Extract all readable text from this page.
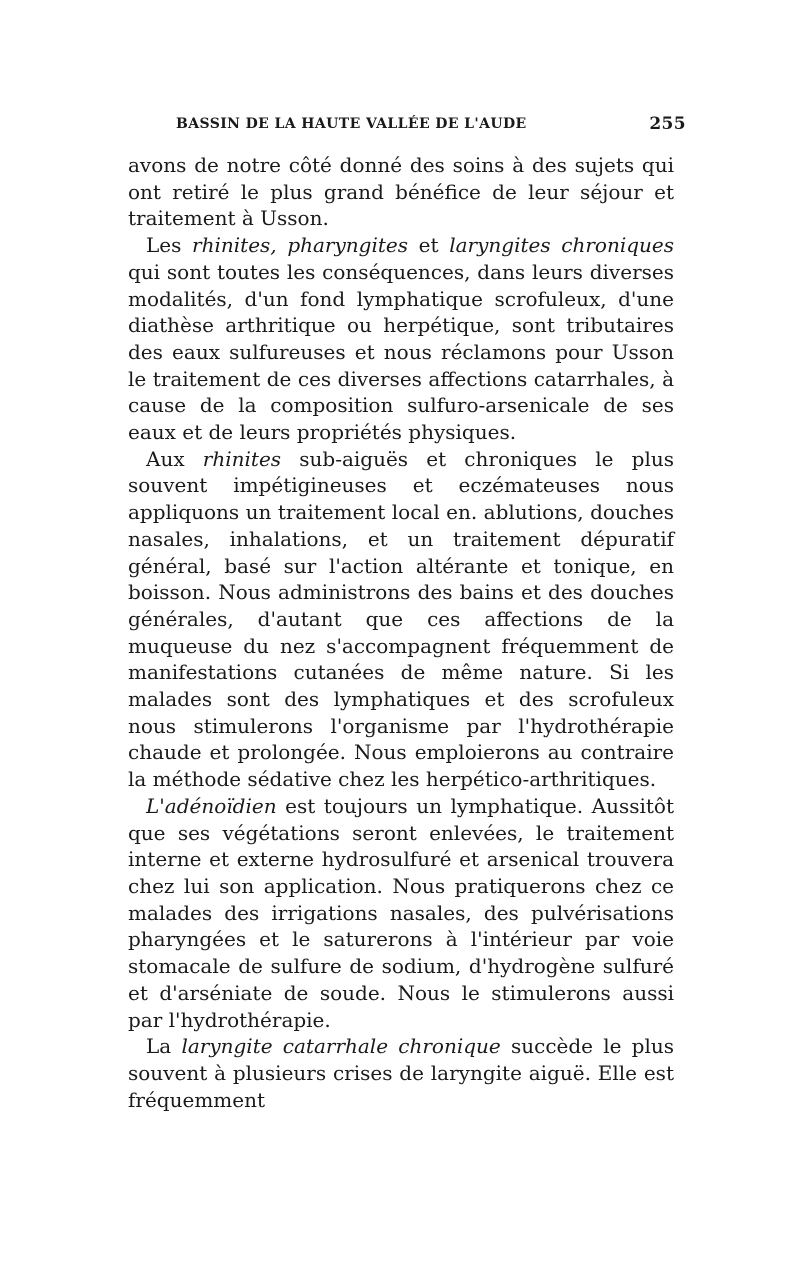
BASSIN DE LA HAUTE VALLÉE DE L'AUDE	255

avons de notre côté donné des soins à des sujets qui ont retiré le plus grand bénéfice de leur séjour et traitement à Usson.

Les rhinites, pharyngites et laryngites chroniques qui sont toutes les conséquences, dans leurs diverses modalités, d'un fond lymphatique scrofuleux, d'une diathèse arthritique ou herpétique, sont tributaires des eaux sulfureuses et nous réclamons pour Usson le traitement de ces diverses affections catarrhales, à cause de la composition sulfuro-arsenicale de ses eaux et de leurs propriétés physiques.

Aux rhinites sub-aiguës et chroniques le plus souvent impétigineuses et eczémateuses nous appliquons un traitement local en. ablutions, douches nasales, inhalations, et un traitement dépuratif général, basé sur l'action altérante et tonique, en boisson. Nous administrons des bains et des douches générales, d'autant que ces affections de la muqueuse du nez s'accompagnent fréquemment de manifestations cutanées de même nature. Si les malades sont des lymphatiques et des scrofuleux nous stimulerons l'organisme par l'hydrothérapie chaude et prolongée. Nous emploierons au contraire la méthode sédative chez les herpético-arthritiques.

L'adénoïdien est toujours un lymphatique. Aussitôt que ses végétations seront enlevées, le traitement interne et externe hydrosulfuré et arsenical trouvera chez lui son application. Nous pratiquerons chez ce malades des irrigations nasales, des pulvérisations pharyngées et le saturerons à l'intérieur par voie stomacale de sulfure de sodium, d'hydrogène sulfuré et d'arséniate de soude. Nous le stimulerons aussi par l'hydrothérapie.

La laryngite catarrhale chronique succède le plus souvent à plusieurs crises de laryngite aiguë. Elle est fréquemment
